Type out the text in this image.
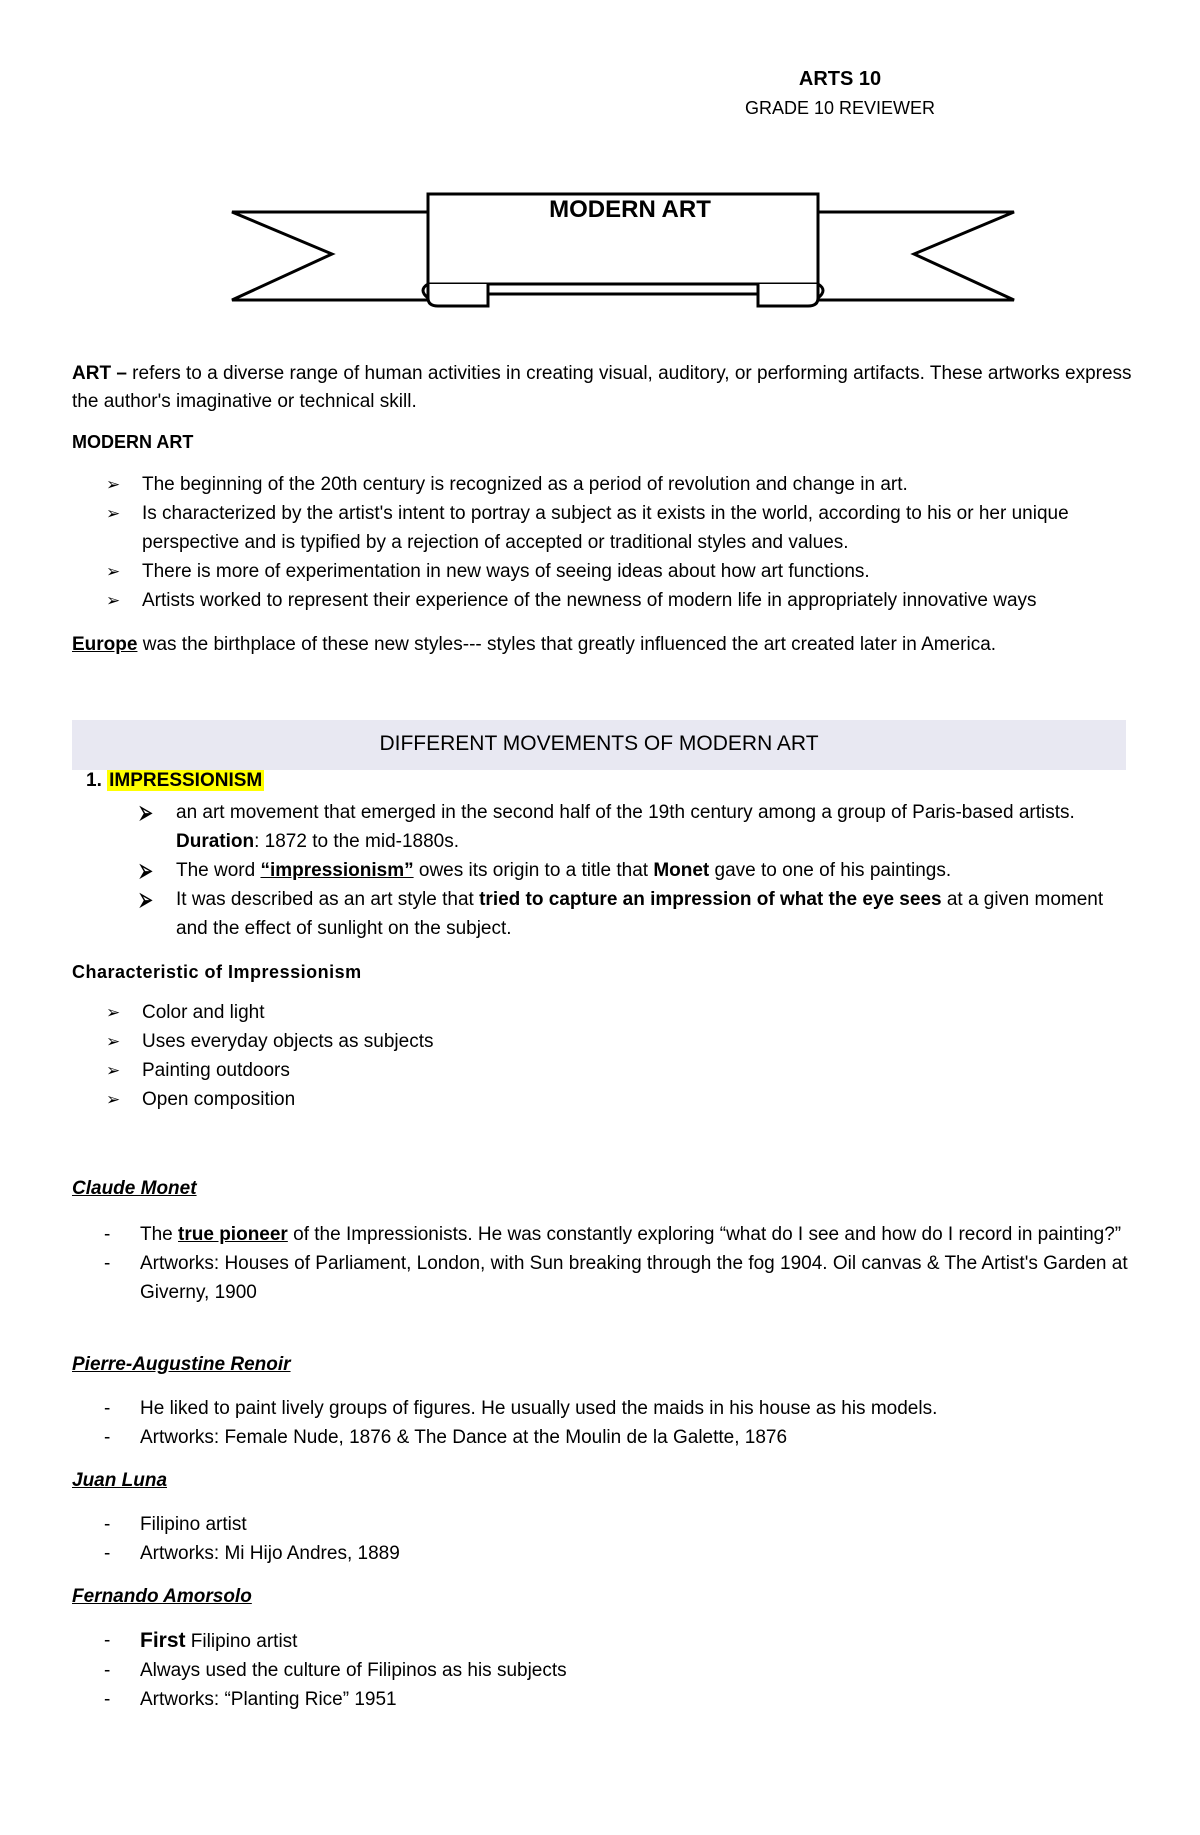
ARTS 10
GRADE 10 REVIEWER
MODERN ART
ART – refers to a diverse range of human activities in creating visual, auditory, or performing artifacts. These artworks express the author's imaginative or technical skill.
MODERN ART
➢ The beginning of the 20th century is recognized as a period of revolution and change in art.
➢ Is characterized by the artist's intent to portray a subject as it exists in the world, according to his or her unique perspective and is typified by a rejection of accepted or traditional styles and values.
➢ There is more of experimentation in new ways of seeing ideas about how art functions.
➢ Artists worked to represent their experience of the newness of modern life in appropriately innovative ways
Europe was the birthplace of these new styles--- styles that greatly influenced the art created later in America.
DIFFERENT MOVEMENTS OF MODERN ART
1. IMPRESSIONISM
⮚ an art movement that emerged in the second half of the 19th century among a group of Paris-based artists.
Duration: 1872 to the mid-1880s.
⮚ The word “impressionism” owes its origin to a title that Monet gave to one of his paintings.
⮚ It was described as an art style that tried to capture an impression of what the eye sees at a given moment
and the effect of sunlight on the subject.
Characteristic of Impressionism
➢ Color and light
➢ Uses everyday objects as subjects
➢ Painting outdoors
➢ Open composition
Claude Monet
- The true pioneer of the Impressionists. He was constantly exploring “what do I see and how do I record in painting?”
- Artworks: Houses of Parliament, London, with Sun breaking through the fog 1904. Oil canvas & The Artist's Garden at Giverny, 1900
Pierre-Augustine Renoir
- He liked to paint lively groups of figures. He usually used the maids in his house as his models.
- Artworks: Female Nude, 1876 & The Dance at the Moulin de la Galette, 1876
Juan Luna
- Filipino artist
- Artworks: Mi Hijo Andres, 1889
Fernando Amorsolo
- First Filipino artist
- Always used the culture of Filipinos as his subjects
- Artworks: “Planting Rice” 1951
